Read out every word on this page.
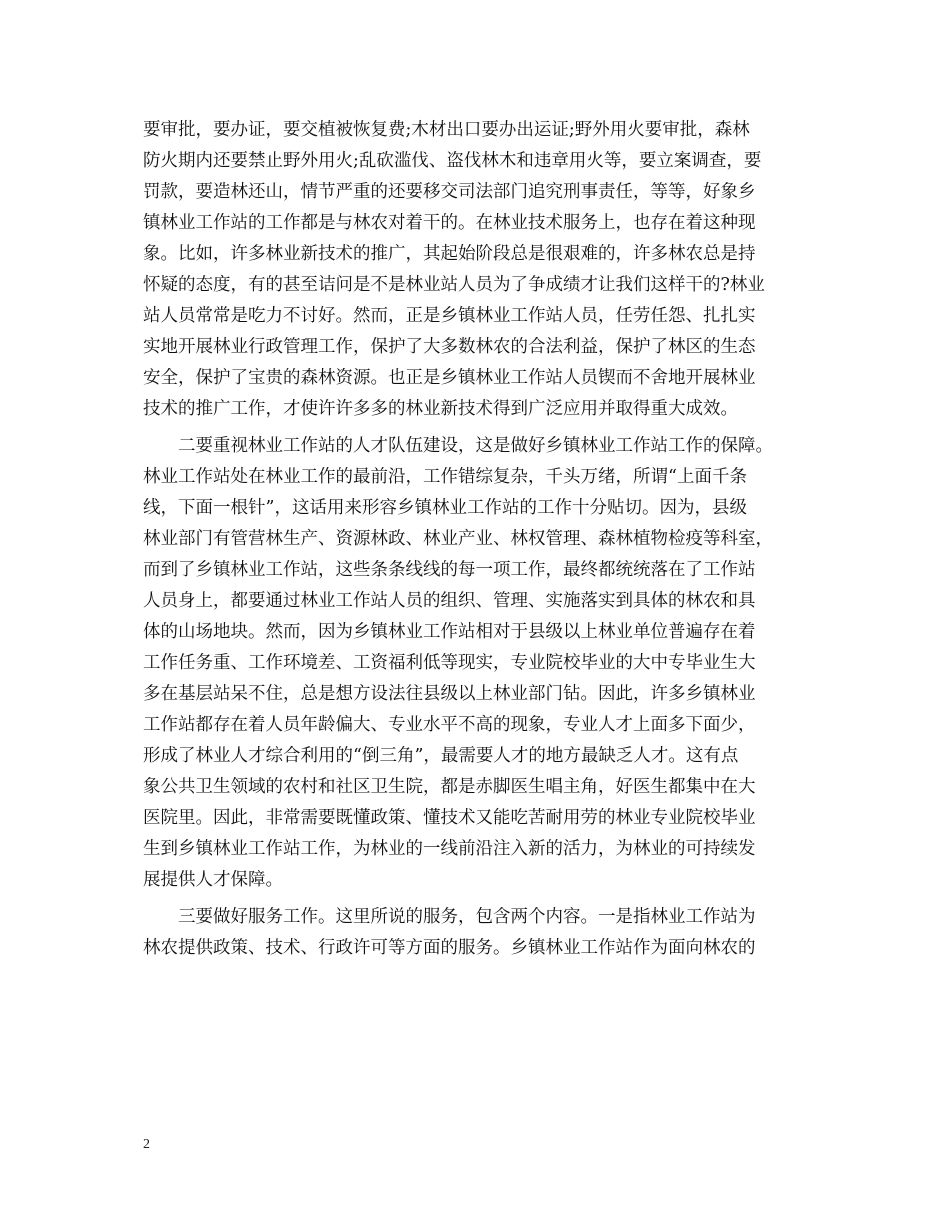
要审批，要办证，要交植被恢复费;木材出口要办出运证;野外用火要审批，森林
防火期内还要禁止野外用火;乱砍滥伐、盗伐林木和违章用火等，要立案调查，要
罚款，要造林还山，情节严重的还要移交司法部门追究刑事责任，等等，好象乡
镇林业工作站的工作都是与林农对着干的。在林业技术服务上，也存在着这种现
象。比如，许多林业新技术的推广，其起始阶段总是很艰难的，许多林农总是持
怀疑的态度，有的甚至诘问是不是林业站人员为了争成绩才让我们这样干的?林业
站人员常常是吃力不讨好。然而，正是乡镇林业工作站人员，任劳任怨、扎扎实
实地开展林业行政管理工作，保护了大多数林农的合法利益，保护了林区的生态
安全，保护了宝贵的森林资源。也正是乡镇林业工作站人员锲而不舍地开展林业
技术的推广工作，才使许许多多的林业新技术得到广泛应用并取得重大成效。
二要重视林业工作站的人才队伍建设，这是做好乡镇林业工作站工作的保障。
林业工作站处在林业工作的最前沿，工作错综复杂，千头万绪，所谓“上面千条
线，下面一根针”，这话用来形容乡镇林业工作站的工作十分贴切。因为，县级
林业部门有管营林生产、资源林政、林业产业、林权管理、森林植物检疫等科室，
而到了乡镇林业工作站，这些条条线线的每一项工作，最终都统统落在了工作站
人员身上，都要通过林业工作站人员的组织、管理、实施落实到具体的林农和具
体的山场地块。然而，因为乡镇林业工作站相对于县级以上林业单位普遍存在着
工作任务重、工作环境差、工资福利低等现实，专业院校毕业的大中专毕业生大
多在基层站呆不住，总是想方设法往县级以上林业部门钻。因此，许多乡镇林业
工作站都存在着人员年龄偏大、专业水平不高的现象，专业人才上面多下面少，
形成了林业人才综合利用的“倒三角”，最需要人才的地方最缺乏人才。这有点
象公共卫生领域的农村和社区卫生院，都是赤脚医生唱主角，好医生都集中在大
医院里。因此，非常需要既懂政策、懂技术又能吃苦耐用劳的林业专业院校毕业
生到乡镇林业工作站工作，为林业的一线前沿注入新的活力，为林业的可持续发
展提供人才保障。
三要做好服务工作。这里所说的服务，包含两个内容。一是指林业工作站为
林农提供政策、技术、行政许可等方面的服务。乡镇林业工作站作为面向林农的
2
